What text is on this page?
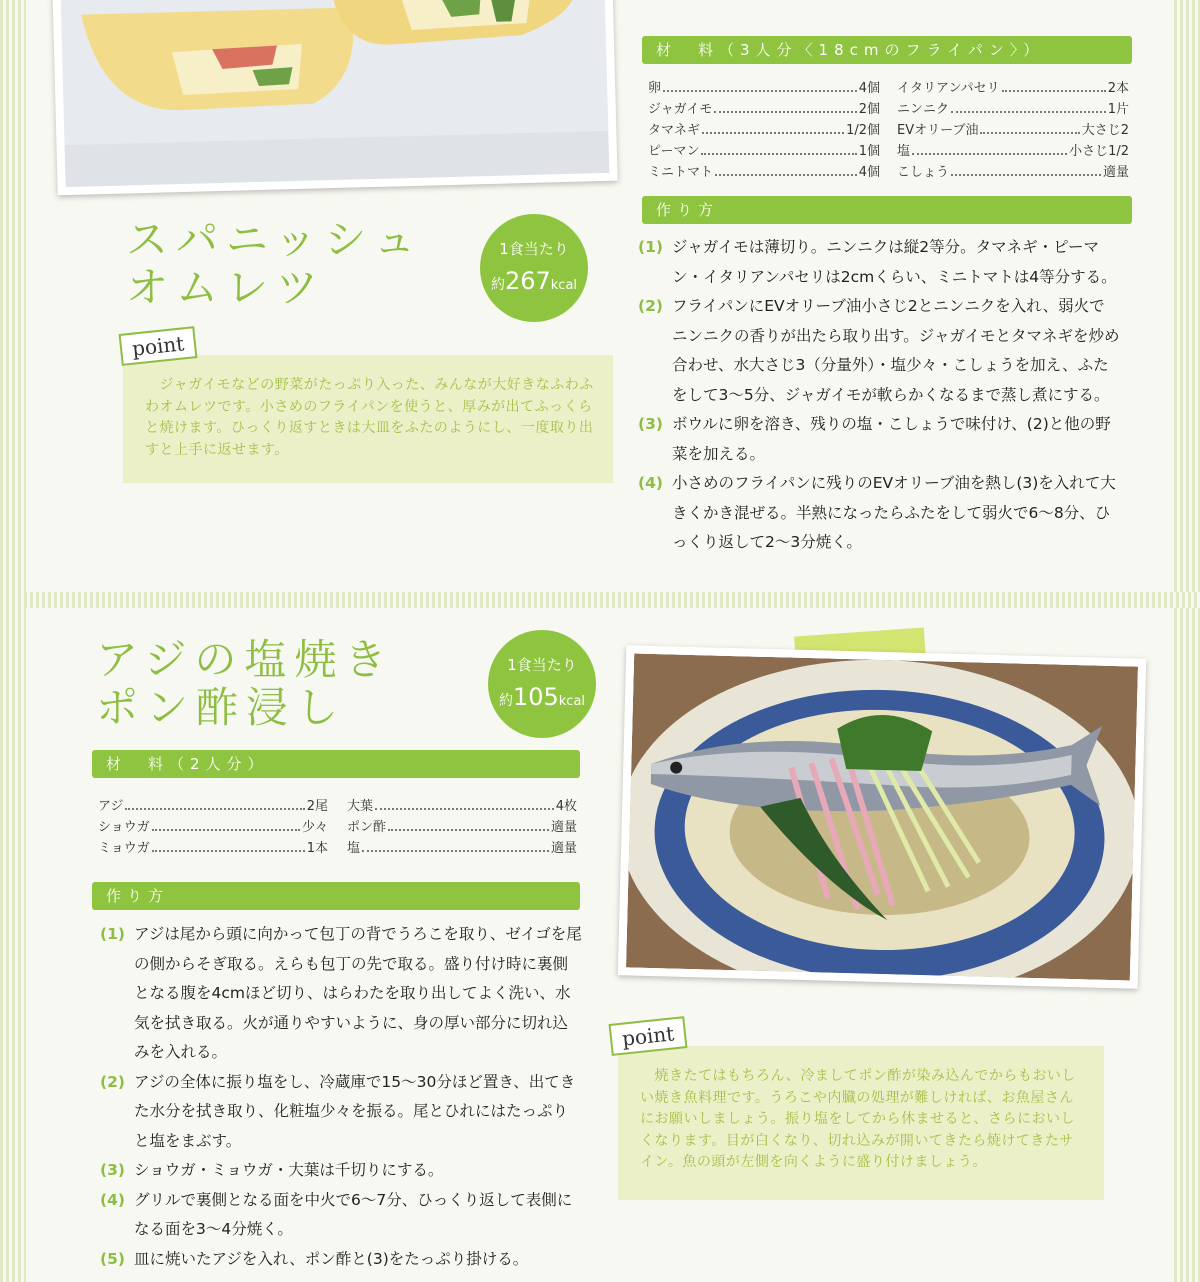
スパニッシュ
オムレツ
1食当たり
約267kcal
　ジャガイモなどの野菜がたっぷり入った、みんなが大好きなふわふわオムレツです。小さめのフライパンを使うと、厚みが出てふっくらと焼けます。ひっくり返すときは大皿をふたのようにし、一度取り出すと上手に返せます。
point
材　料（3人分〈18cmのフライパン〉）
卵	4個
ジャガイモ	2個
タマネギ	1/2個
ピーマン	1個
ミニトマト	4個
イタリアンパセリ	2本
ニンニク	1片
EVオリーブ油	大さじ2
塩	小さじ1/2
こしょう	適量
作り方
(1) ジャガイモは薄切り。ニンニクは縦2等分。タマネギ・ピーマン・イタリアンパセリは2cmくらい、ミニトマトは4等分する。
(2) フライパンにEVオリーブ油小さじ2とニンニクを入れ、弱火でニンニクの香りが出たら取り出す。ジャガイモとタマネギを炒め合わせ、水大さじ3（分量外）・塩少々・こしょうを加え、ふたをして3〜5分、ジャガイモが軟らかくなるまで蒸し煮にする。
(3) ボウルに卵を溶き、残りの塩・こしょうで味付け、(2)と他の野菜を加える。
(4) 小さめのフライパンに残りのEVオリーブ油を熱し(3)を入れて大きくかき混ぜる。半熟になったらふたをして弱火で6〜8分、ひっくり返して2〜3分焼く。
アジの塩焼き
ポン酢浸し
1食当たり
約105kcal
材　料（2人分）
アジ	2尾
ショウガ	少々
ミョウガ	1本
大葉	4枚
ポン酢	適量
塩	適量
作り方
(1) アジは尾から頭に向かって包丁の背でうろこを取り、ゼイゴを尾の側からそぎ取る。えらも包丁の先で取る。盛り付け時に裏側となる腹を4cmほど切り、はらわたを取り出してよく洗い、水気を拭き取る。火が通りやすいように、身の厚い部分に切れ込みを入れる。
(2) アジの全体に振り塩をし、冷蔵庫で15〜30分ほど置き、出てきた水分を拭き取り、化粧塩少々を振る。尾とひれにはたっぷりと塩をまぶす。
(3) ショウガ・ミョウガ・大葉は千切りにする。
(4) グリルで裏側となる面を中火で6〜7分、ひっくり返して表側になる面を3〜4分焼く。
(5) 皿に焼いたアジを入れ、ポン酢と(3)をたっぷり掛ける。
　焼きたてはもちろん、冷ましてポン酢が染み込んでからもおいしい焼き魚料理です。うろこや内臓の処理が難しければ、お魚屋さんにお願いしましょう。振り塩をしてから休ませると、さらにおいしくなります。目が白くなり、切れ込みが開いてきたら焼けてきたサイン。魚の頭が左側を向くように盛り付けましょう。
point
